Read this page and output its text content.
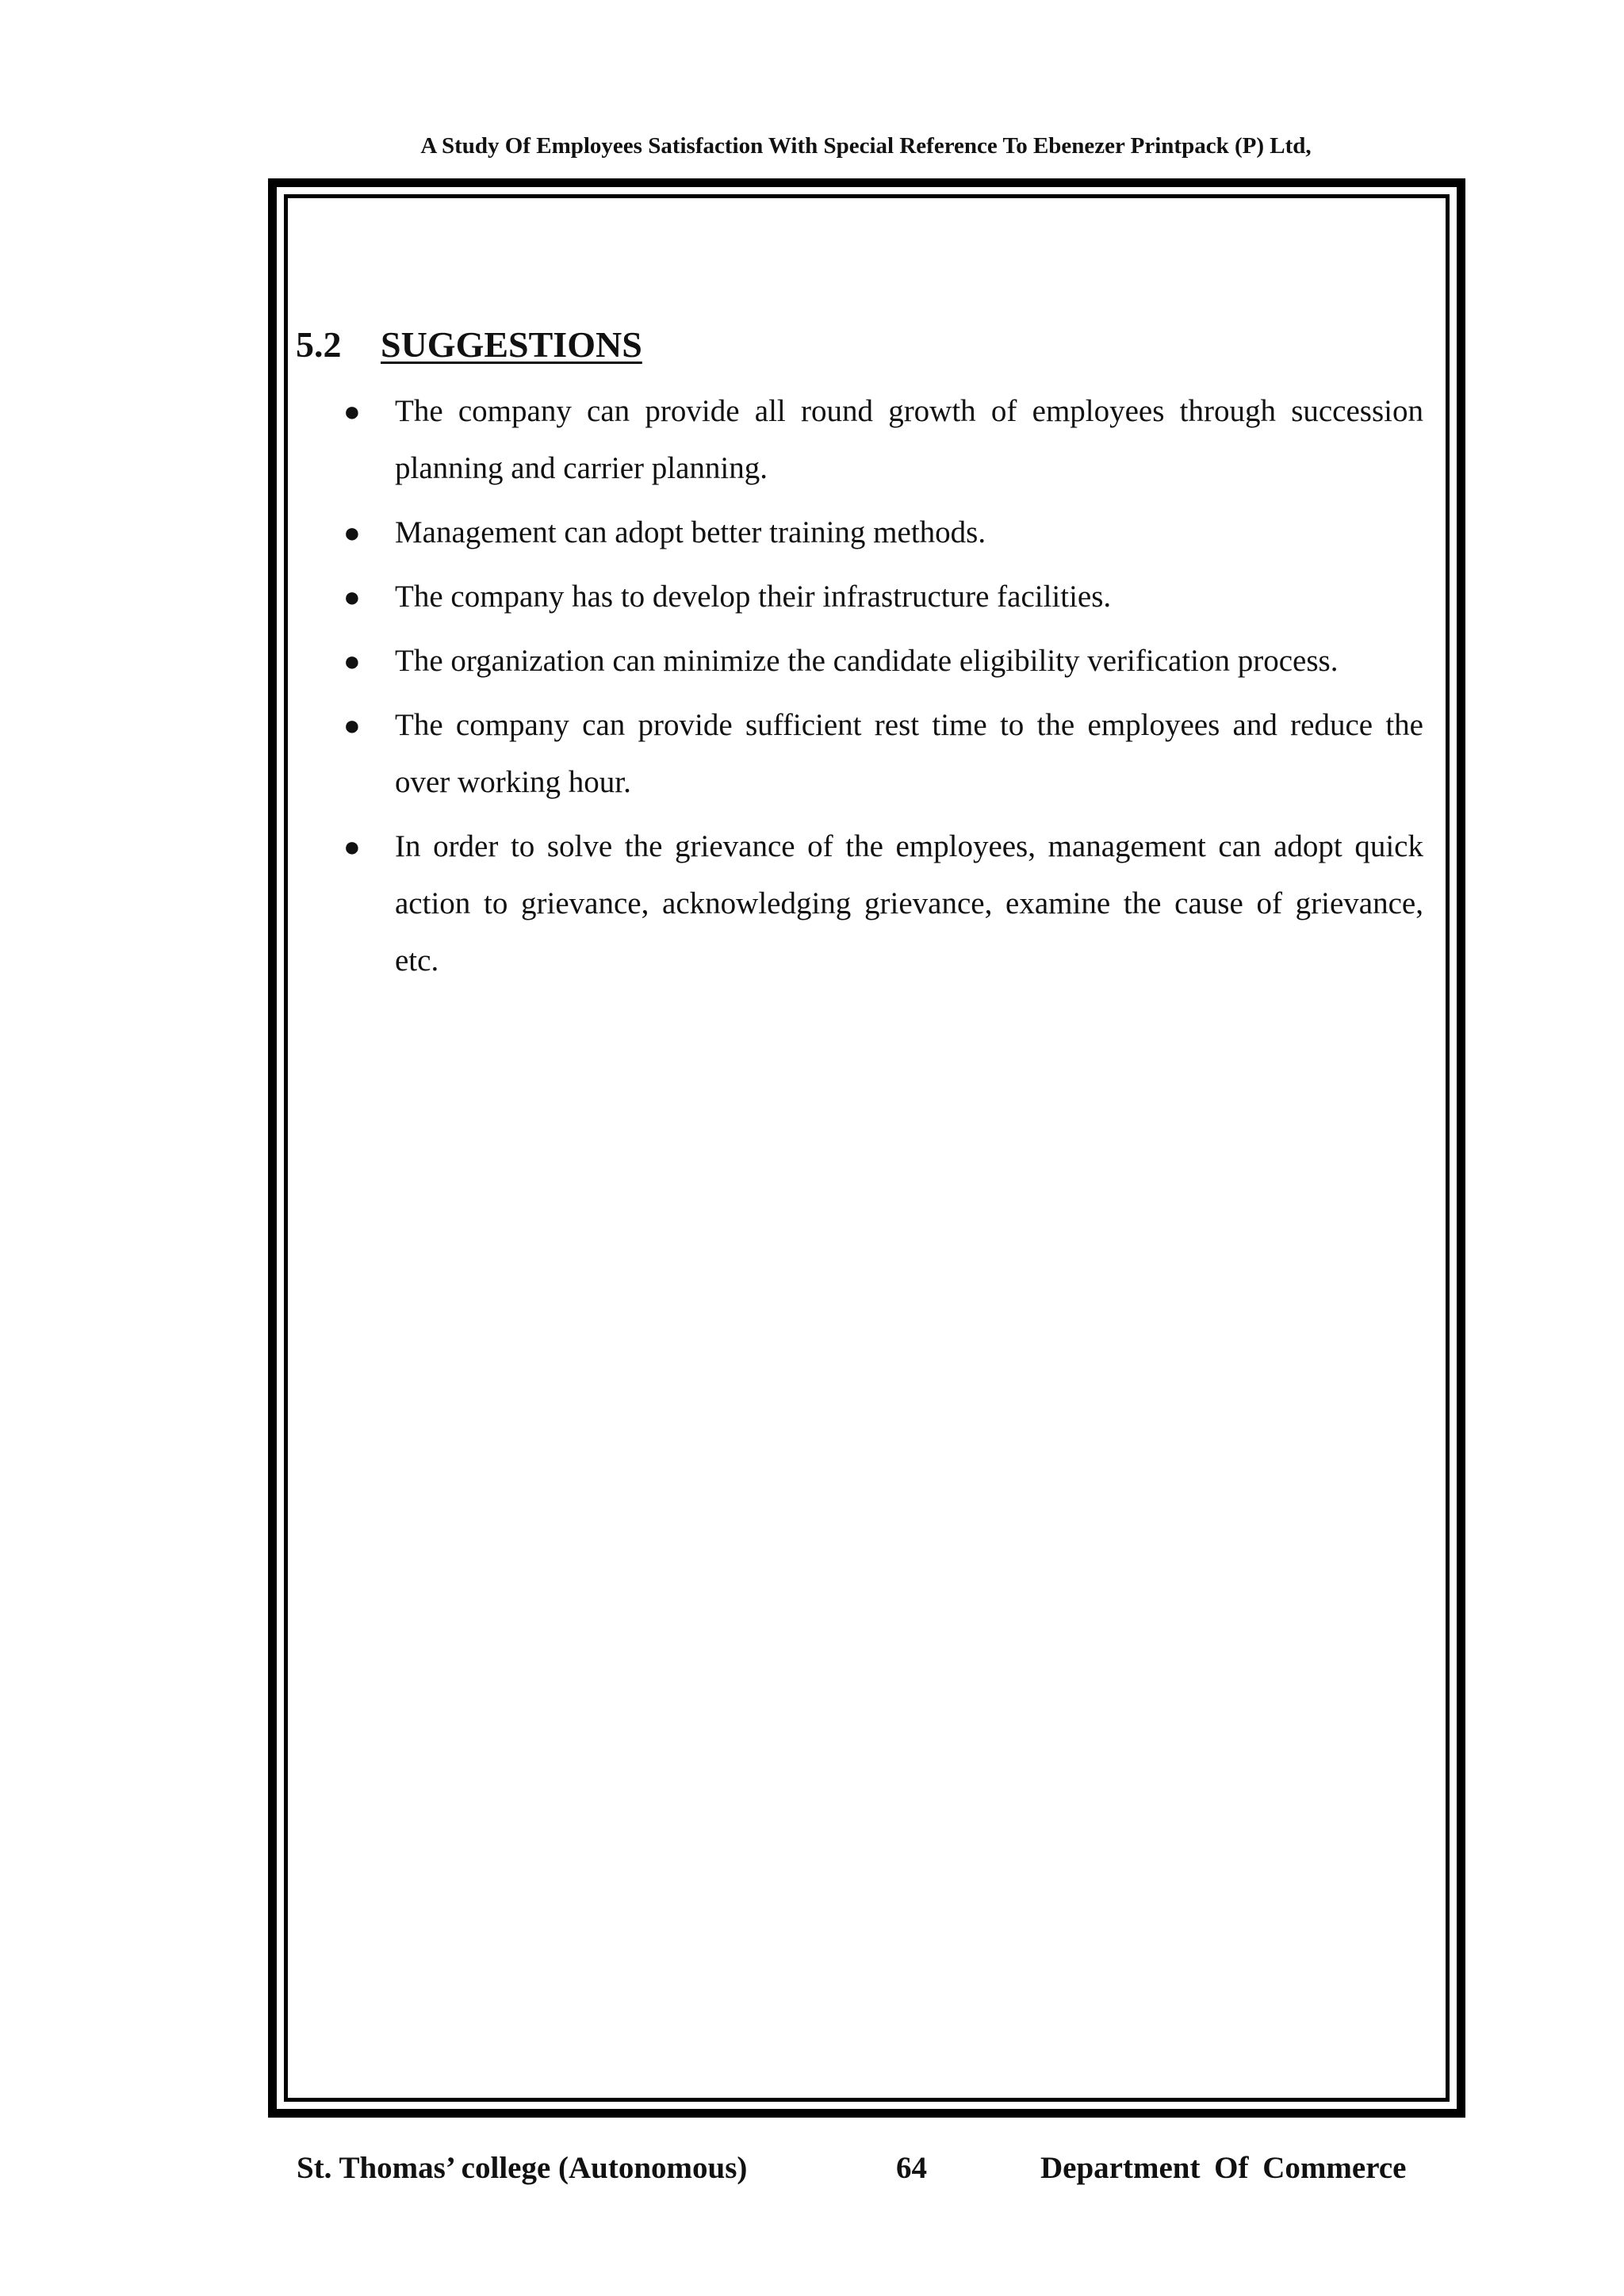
A Study Of Employees Satisfaction With Special Reference To Ebenezer Printpack (P) Ltd,
5.2 SUGGESTIONS
● The company can provide all round growth of employees through succession planning and carrier planning.
● Management can adopt better training methods.
● The company has to develop their infrastructure facilities.
● The organization can minimize the candidate eligibility verification process.
● The company can provide sufficient rest time to the employees and reduce the over working hour.
● In order to solve the grievance of the employees, management can adopt quick action to grievance, acknowledging grievance, examine the cause of grievance, etc.
St. Thomas’ college (Autonomous)	64	Department Of Commerce
